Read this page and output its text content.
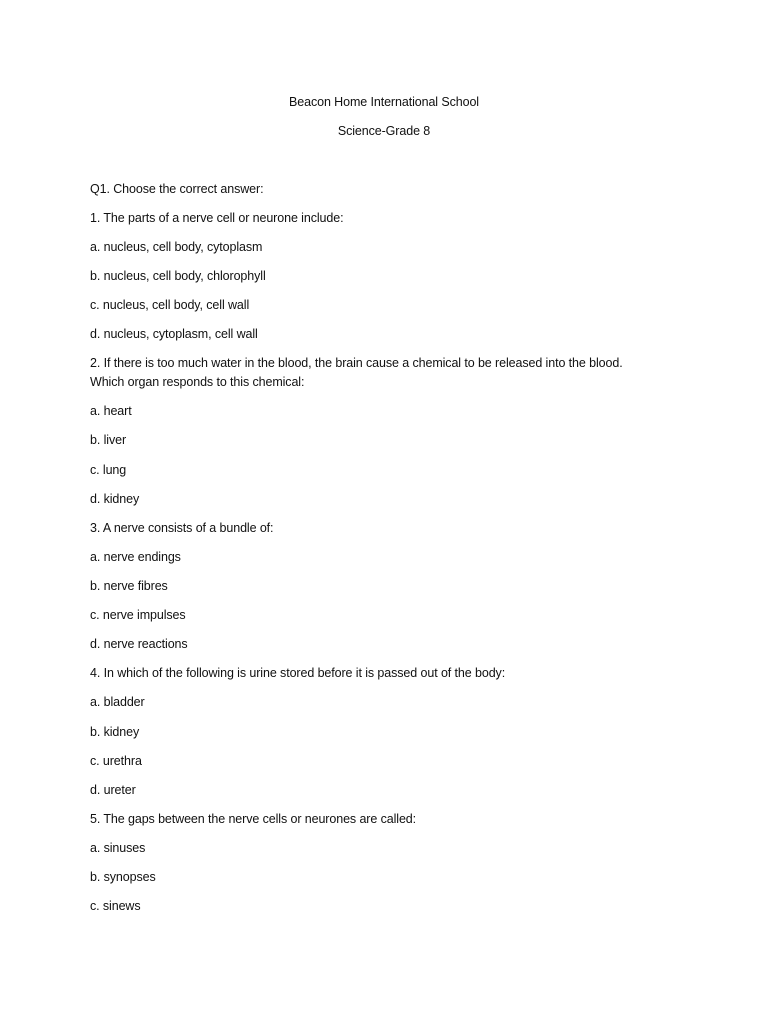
Beacon Home International School
Science-Grade 8
Q1. Choose the correct answer:
1. The parts of a nerve cell or neurone include:
a. nucleus, cell body, cytoplasm
b. nucleus, cell body, chlorophyll
c. nucleus, cell body, cell wall
d. nucleus, cytoplasm, cell wall
2. If there is too much water in the blood, the brain cause a chemical to be released into the blood. Which organ responds to this chemical:
a. heart
b. liver
c. lung
d. kidney
3. A nerve consists of a bundle of:
a. nerve endings
b. nerve fibres
c. nerve impulses
d. nerve reactions
4. In which of the following is urine stored before it is passed out of the body:
a. bladder
b. kidney
c. urethra
d. ureter
5. The gaps between the nerve cells or neurones are called:
a. sinuses
b. synopses
c. sinews
